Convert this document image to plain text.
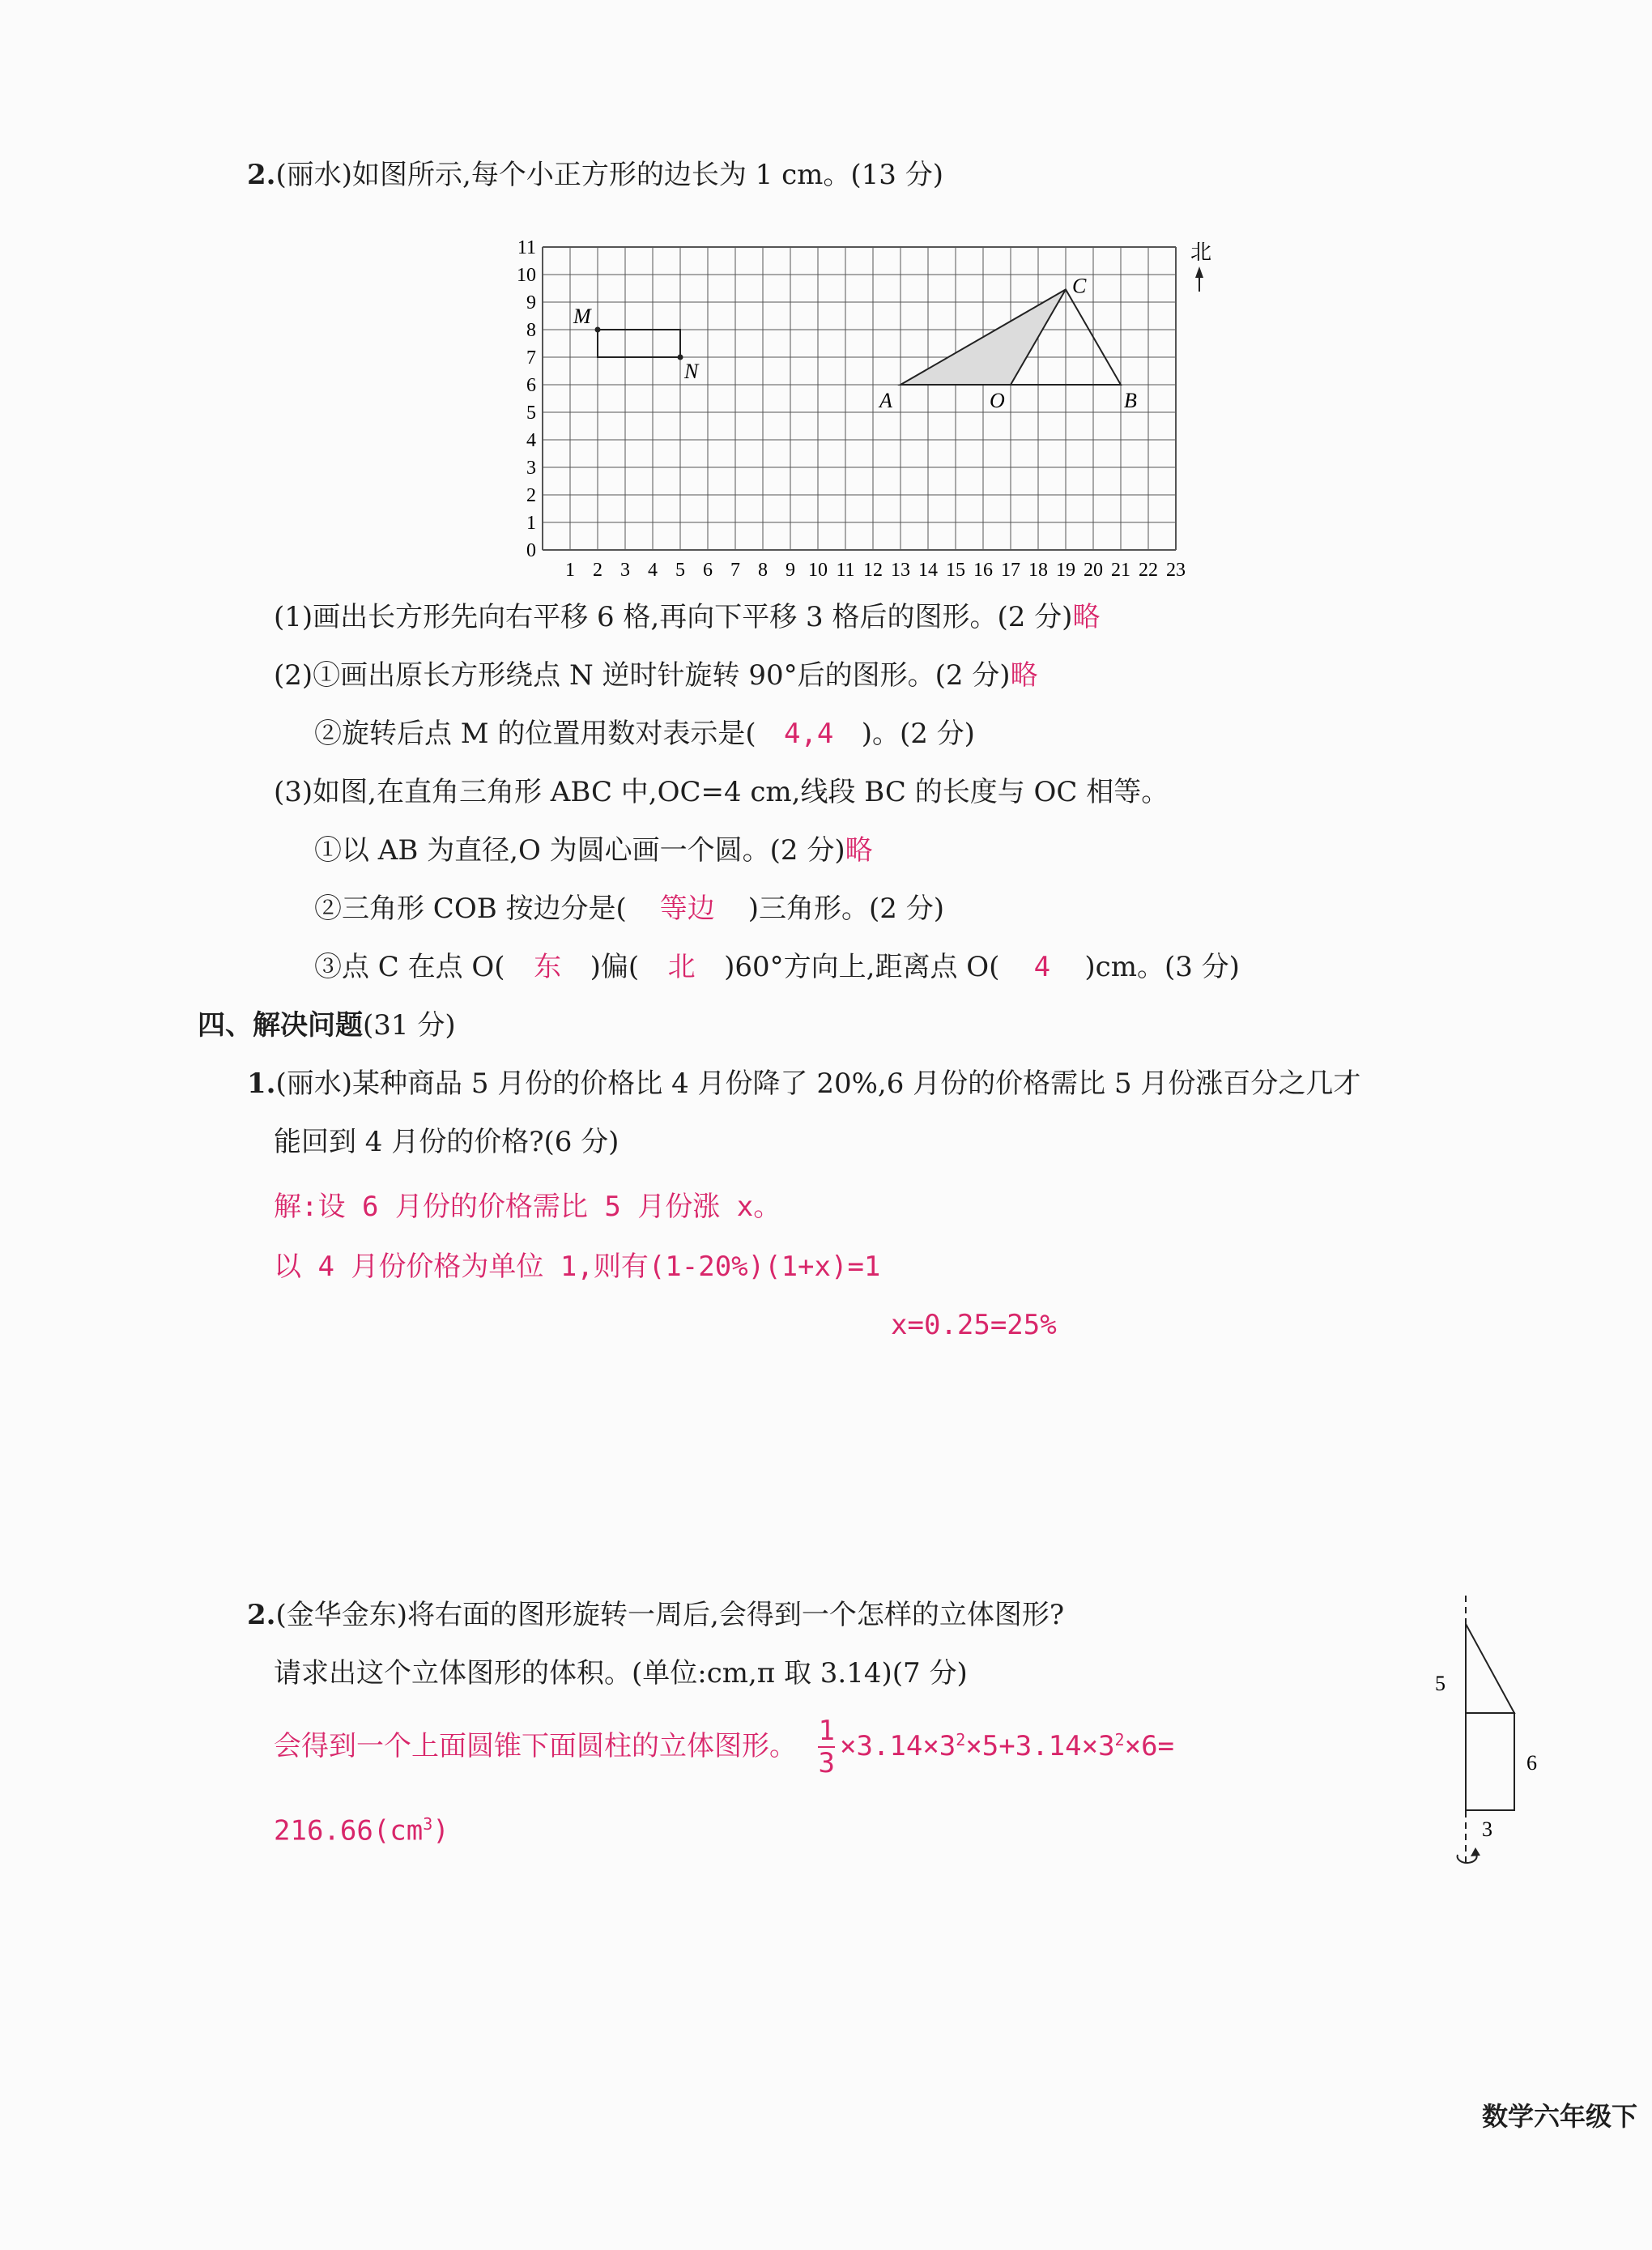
2.(丽水)如图所示,每个小正方形的边长为 1 cm。(13 分)
1 2 3 4 5 6 7 8 9 10 11 12 13 14 15 16 17 18 19 20 21 22 23
0
1
2
3
4
5
6
7
8
9
10
11
M
N
A	O	B
C
北
(1)画出长方形先向右平移 6 格,再向下平移 3 格后的图形。(2 分)略
(2)①画出原长方形绕点 N 逆时针旋转 90°后的图形。(2 分)略
②旋转后点 M 的位置用数对表示是( 4,4 )。(2 分)
(3)如图,在直角三角形 ABC 中,OC=4 cm,线段 BC 的长度与 OC 相等。
①以 AB 为直径,O 为圆心画一个圆。(2 分)略
②三角形 COB 按边分是( 等边 )三角形。(2 分)
③点 C 在点 O( 东 )偏( 北 )60°方向上,距离点 O( 4 )cm。(3 分)
四、解决问题(31 分)
1.(丽水)某种商品 5 月份的价格比 4 月份降了 20%,6 月份的价格需比 5 月份涨百分之几才
能回到 4 月份的价格?(6 分)
解:设 6 月份的价格需比 5 月份涨 x。
以 4 月份价格为单位 1,则有(1-20%)(1+x)=1
x=0.25=25%
2.(金华金东)将右面的图形旋转一周后,会得到一个怎样的立体图形?
请求出这个立体图形的体积。(单位:cm,π 取 3.14)(7 分)
会得到一个上面圆锥下面圆柱的立体图形。 $\frac{1}{3} \times 3.14\times 3^2\times 5+3.14\times 3^2\times 6=$
$216.66(cm^3)$
5
6
3
数学六年级下
